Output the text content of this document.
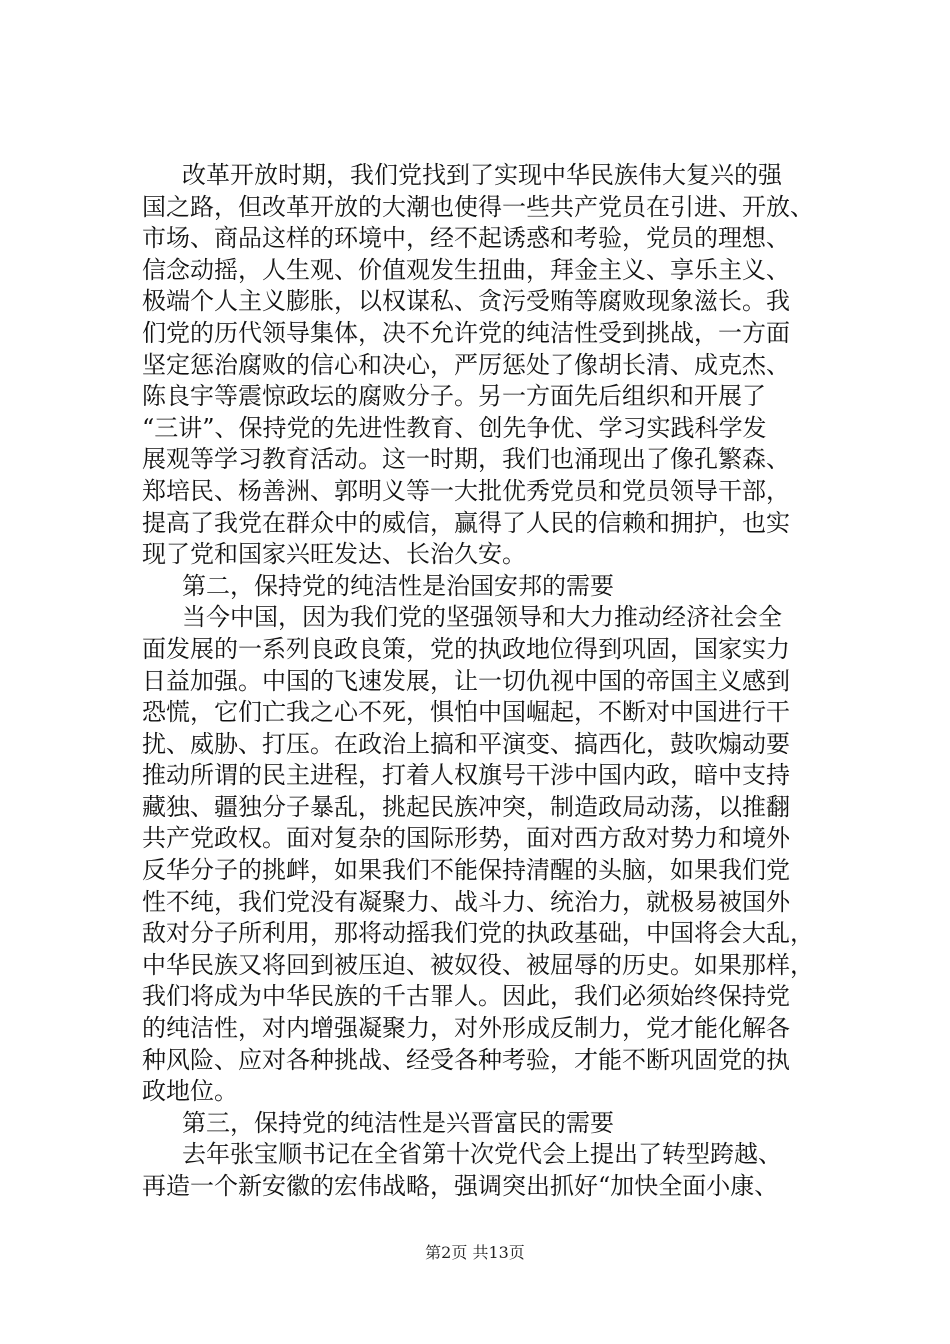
改革开放时期，我们党找到了实现中华民族伟大复兴的强
国之路，但改革开放的大潮也使得一些共产党员在引进、开放、
市场、商品这样的环境中，经不起诱惑和考验，党员的理想、
信念动摇，人生观、价值观发生扭曲，拜金主义、享乐主义、
极端个人主义膨胀，以权谋私、贪污受贿等腐败现象滋长。我
们党的历代领导集体，决不允许党的纯洁性受到挑战，一方面
坚定惩治腐败的信心和决心，严厉惩处了像胡长清、成克杰、
陈良宇等震惊政坛的腐败分子。另一方面先后组织和开展了
“三讲”、保持党的先进性教育、创先争优、学习实践科学发
展观等学习教育活动。这一时期，我们也涌现出了像孔繁森、
郑培民、杨善洲、郭明义等一大批优秀党员和党员领导干部，
提高了我党在群众中的威信，赢得了人民的信赖和拥护，也实
现了党和国家兴旺发达、长治久安。
第二，保持党的纯洁性是治国安邦的需要
当今中国，因为我们党的坚强领导和大力推动经济社会全
面发展的一系列良政良策，党的执政地位得到巩固，国家实力
日益加强。中国的飞速发展，让一切仇视中国的帝国主义感到
恐慌，它们亡我之心不死，惧怕中国崛起，不断对中国进行干
扰、威胁、打压。在政治上搞和平演变、搞西化，鼓吹煽动要
推动所谓的民主进程，打着人权旗号干涉中国内政，暗中支持
藏独、疆独分子暴乱，挑起民族冲突，制造政局动荡，以推翻
共产党政权。面对复杂的国际形势，面对西方敌对势力和境外
反华分子的挑衅，如果我们不能保持清醒的头脑，如果我们党
性不纯，我们党没有凝聚力、战斗力、统治力，就极易被国外
敌对分子所利用，那将动摇我们党的执政基础，中国将会大乱，
中华民族又将回到被压迫、被奴役、被屈辱的历史。如果那样，
我们将成为中华民族的千古罪人。因此，我们必须始终保持党
的纯洁性，对内增强凝聚力，对外形成反制力，党才能化解各
种风险、应对各种挑战、经受各种考验，才能不断巩固党的执
政地位。
第三，保持党的纯洁性是兴晋富民的需要
去年张宝顺书记在全省第十次党代会上提出了转型跨越、
再造一个新安徽的宏伟战略，强调突出抓好“加快全面小康、
第2页 共13页
